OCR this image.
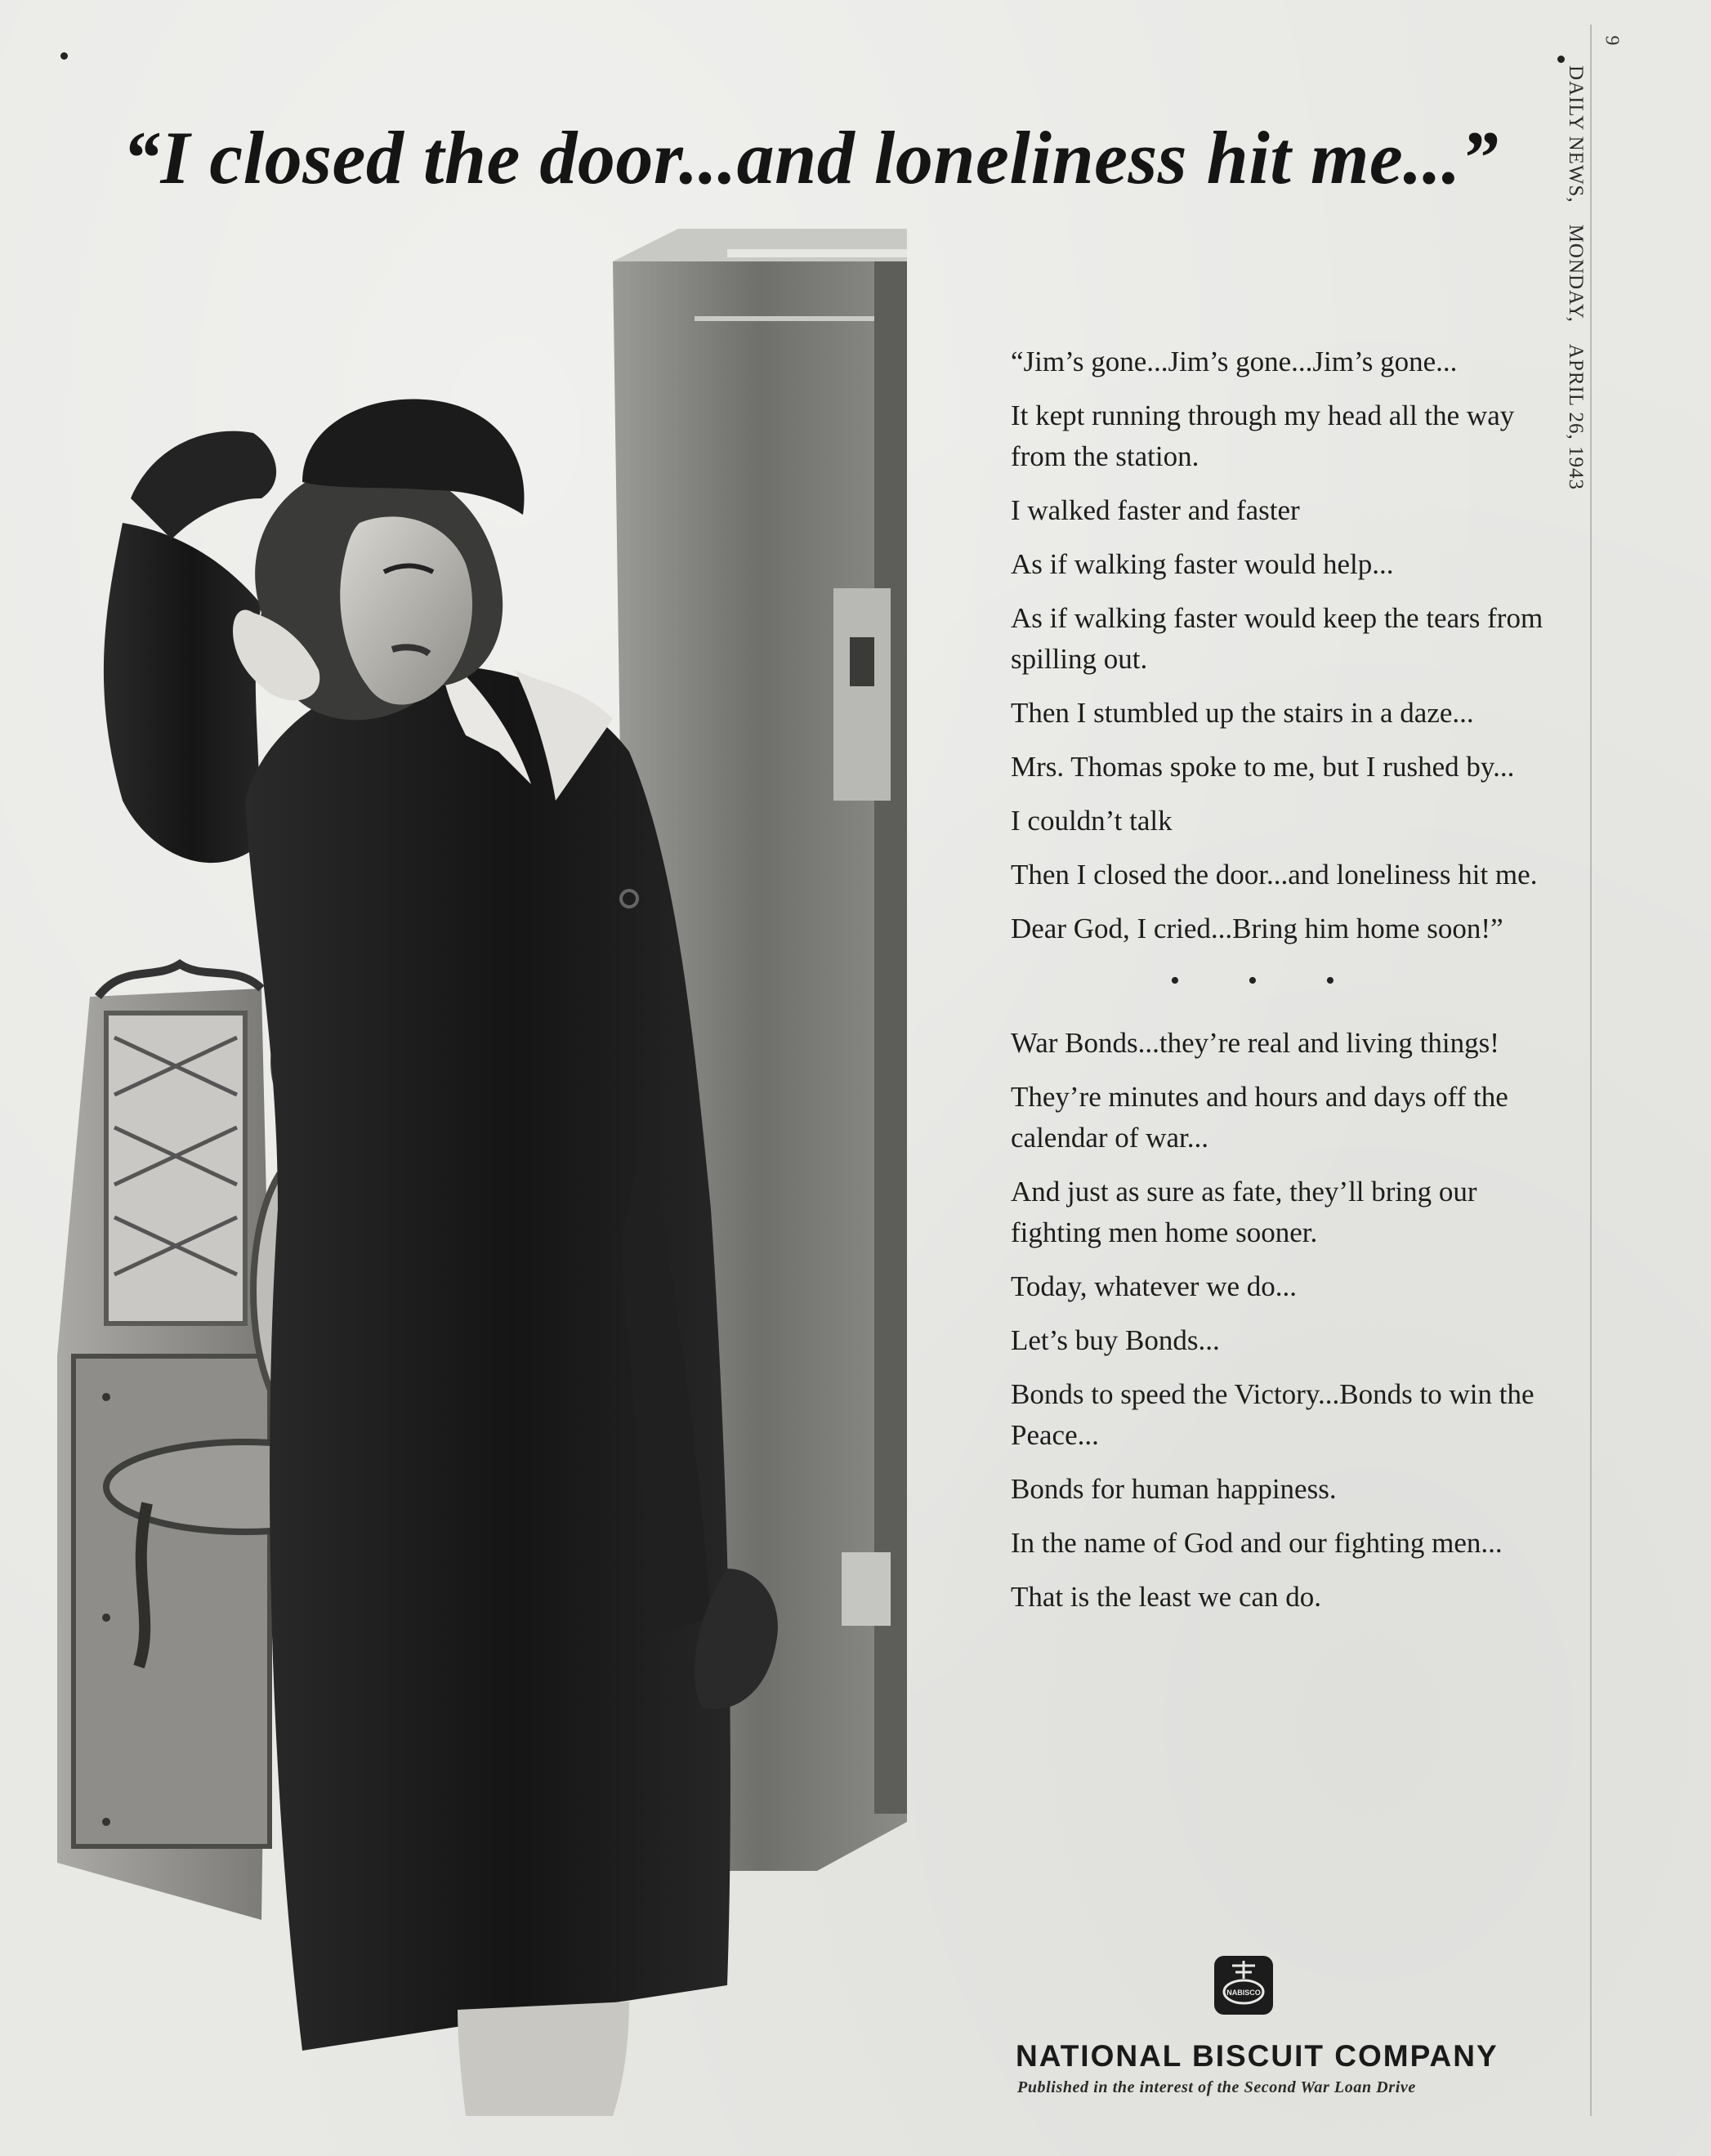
9
DAILY NEWS,MONDAY,APRIL 26, 1943
“I closed the door...and loneliness hit me...”

“Jim’s gone...Jim’s gone...Jim’s gone...

It kept running through my head all the way from the station.

I walked faster and faster

As if walking faster would help...

As if walking faster would keep the tears from spilling out.

Then I stumbled up the stairs in a daze...

Mrs. Thomas spoke to me, but I rushed by...

I couldn’t talk

Then I closed the door...and loneliness hit me.

Dear God, I cried...Bring him home soon!”

• • •

War Bonds...they’re real and living things!

They’re minutes and hours and days off the calendar of war...

And just as sure as fate, they’ll bring our fighting men home sooner.

Today, whatever we do...

Let’s buy Bonds...

Bonds to speed the Victory...Bonds to win the Peace...

Bonds for human happiness.

In the name of God and our fighting men...

That is the least we can do.

NABISCO
NATIONAL BISCUIT COMPANY
Published in the interest of the Second War Loan Drive
